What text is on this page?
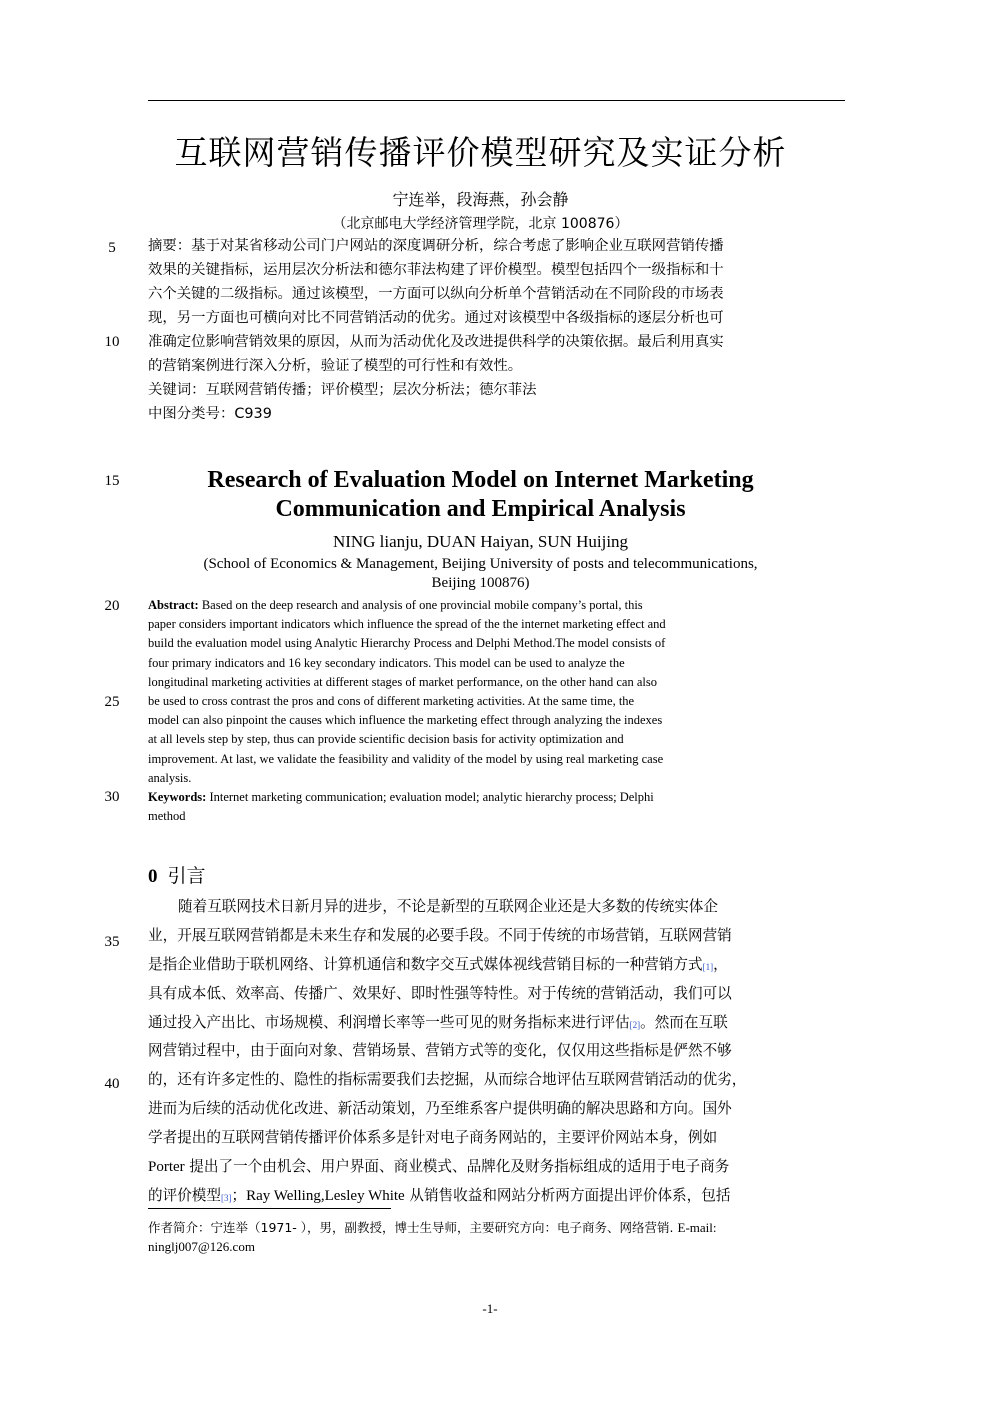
5
10
15
20
25
30
35
40
互联网营销传播评价模型研究及实证分析
宁连举，段海燕，孙会静
（北京邮电大学经济管理学院，北京 100876）
摘要：基于对某省移动公司门户网站的深度调研分析，综合考虑了影响企业互联网营销传播
效果的关键指标，运用层次分析法和德尔菲法构建了评价模型。模型包括四个一级指标和十
六个关键的二级指标。通过该模型，一方面可以纵向分析单个营销活动在不同阶段的市场表
现，另一方面也可横向对比不同营销活动的优劣。通过对该模型中各级指标的逐层分析也可
准确定位影响营销效果的原因，从而为活动优化及改进提供科学的决策依据。最后利用真实
的营销案例进行深入分析，验证了模型的可行性和有效性。
关键词：互联网营销传播；评价模型；层次分析法；德尔菲法
中图分类号：C939
Research of Evaluation Model on Internet Marketing
Communication and Empirical Analysis
NING lianju, DUAN Haiyan, SUN Huijing
(School of Economics & Management, Beijing University of posts and telecommunications,
Beijing 100876)
Abstract: Based on the deep research and analysis of one provincial mobile company’s portal, this
paper considers important indicators which influence the spread of the the internet marketing effect and
build the evaluation model using Analytic Hierarchy Process and Delphi Method.The model consists of
four primary indicators and 16 key secondary indicators. This model can be used to analyze the
longitudinal marketing activities at different stages of market performance, on the other hand can also
be used to cross contrast the pros and cons of different marketing activities. At the same time, the
model can also pinpoint the causes which influence the marketing effect through analyzing the indexes
at all levels step by step, thus can provide scientific decision basis for activity optimization and
improvement. At last, we validate the feasibility and validity of the model by using real marketing case
analysis.
Keywords: Internet marketing communication; evaluation model; analytic hierarchy process; Delphi
method
0 引言
随着互联网技术日新月异的进步，不论是新型的互联网企业还是大多数的传统实体企
业，开展互联网营销都是未来生存和发展的必要手段。不同于传统的市场营销，互联网营销
是指企业借助于联机网络、计算机通信和数字交互式媒体视线营销目标的一种营销方式[1]，
具有成本低、效率高、传播广、效果好、即时性强等特性。对于传统的营销活动，我们可以
通过投入产出比、市场规模、利润增长率等一些可见的财务指标来进行评估[2]。然而在互联
网营销过程中，由于面向对象、营销场景、营销方式等的变化，仅仅用这些指标是俨然不够
的，还有许多定性的、隐性的指标需要我们去挖掘，从而综合地评估互联网营销活动的优劣，
进而为后续的活动优化改进、新活动策划，乃至维系客户提供明确的解决思路和方向。国外
学者提出的互联网营销传播评价体系多是针对电子商务网站的，主要评价网站本身，例如
Porter 提出了一个由机会、用户界面、商业模式、品牌化及财务指标组成的适用于电子商务
的评价模型[3]；Ray Welling,Lesley White 从销售收益和网站分析两方面提出评价体系，包括
作者简介：宁连举（1971- ），男，副教授，博士生导师，主要研究方向：电子商务、网络营销. E-mail:
ninglj007@126.com
-1-
